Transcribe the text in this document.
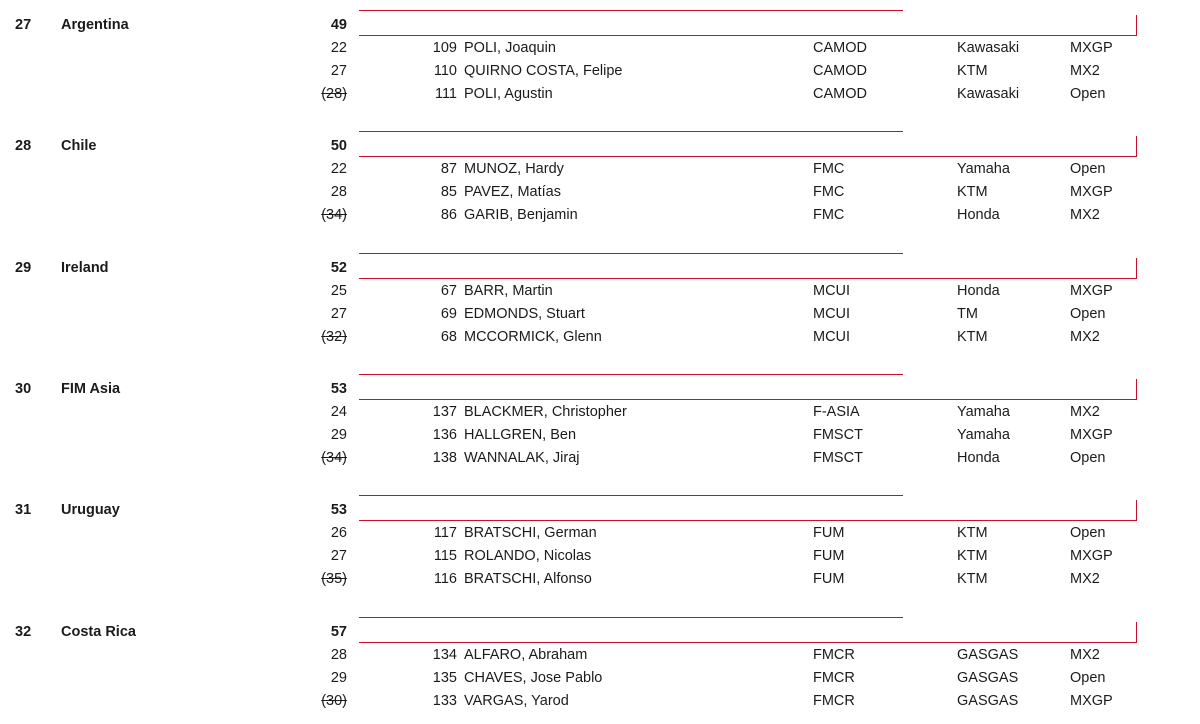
27 Argentina	49
22	109 POLI, Joaquin	CAMOD	Kawasaki	MXGP
27	110 QUIRNO COSTA, Felipe	CAMOD	KTM	MX2
(28)	111 POLI, Agustin	CAMOD	Kawasaki	Open
28 Chile	50
22	87 MUNOZ, Hardy	FMC	Yamaha	Open
28	85 PAVEZ, Matías	FMC	KTM	MXGP
(34)	86 GARIB, Benjamin	FMC	Honda	MX2
29 Ireland	52
25	67 BARR, Martin	MCUI	Honda	MXGP
27	69 EDMONDS, Stuart	MCUI	TM	Open
(32)	68 MCCORMICK, Glenn	MCUI	KTM	MX2
30 FIM Asia	53
24	137 BLACKMER, Christopher	F-ASIA	Yamaha	MX2
29	136 HALLGREN, Ben	FMSCT	Yamaha	MXGP
(34)	138 WANNALAK, Jiraj	FMSCT	Honda	Open
31 Uruguay	53
26	117 BRATSCHI, German	FUM	KTM	Open
27	115 ROLANDO, Nicolas	FUM	KTM	MXGP
(35)	116 BRATSCHI, Alfonso	FUM	KTM	MX2
32 Costa Rica	57
28	134 ALFARO, Abraham	FMCR	GASGAS	MX2
29	135 CHAVES, Jose Pablo	FMCR	GASGAS	Open
(30)	133 VARGAS, Yarod	FMCR	GASGAS	MXGP
